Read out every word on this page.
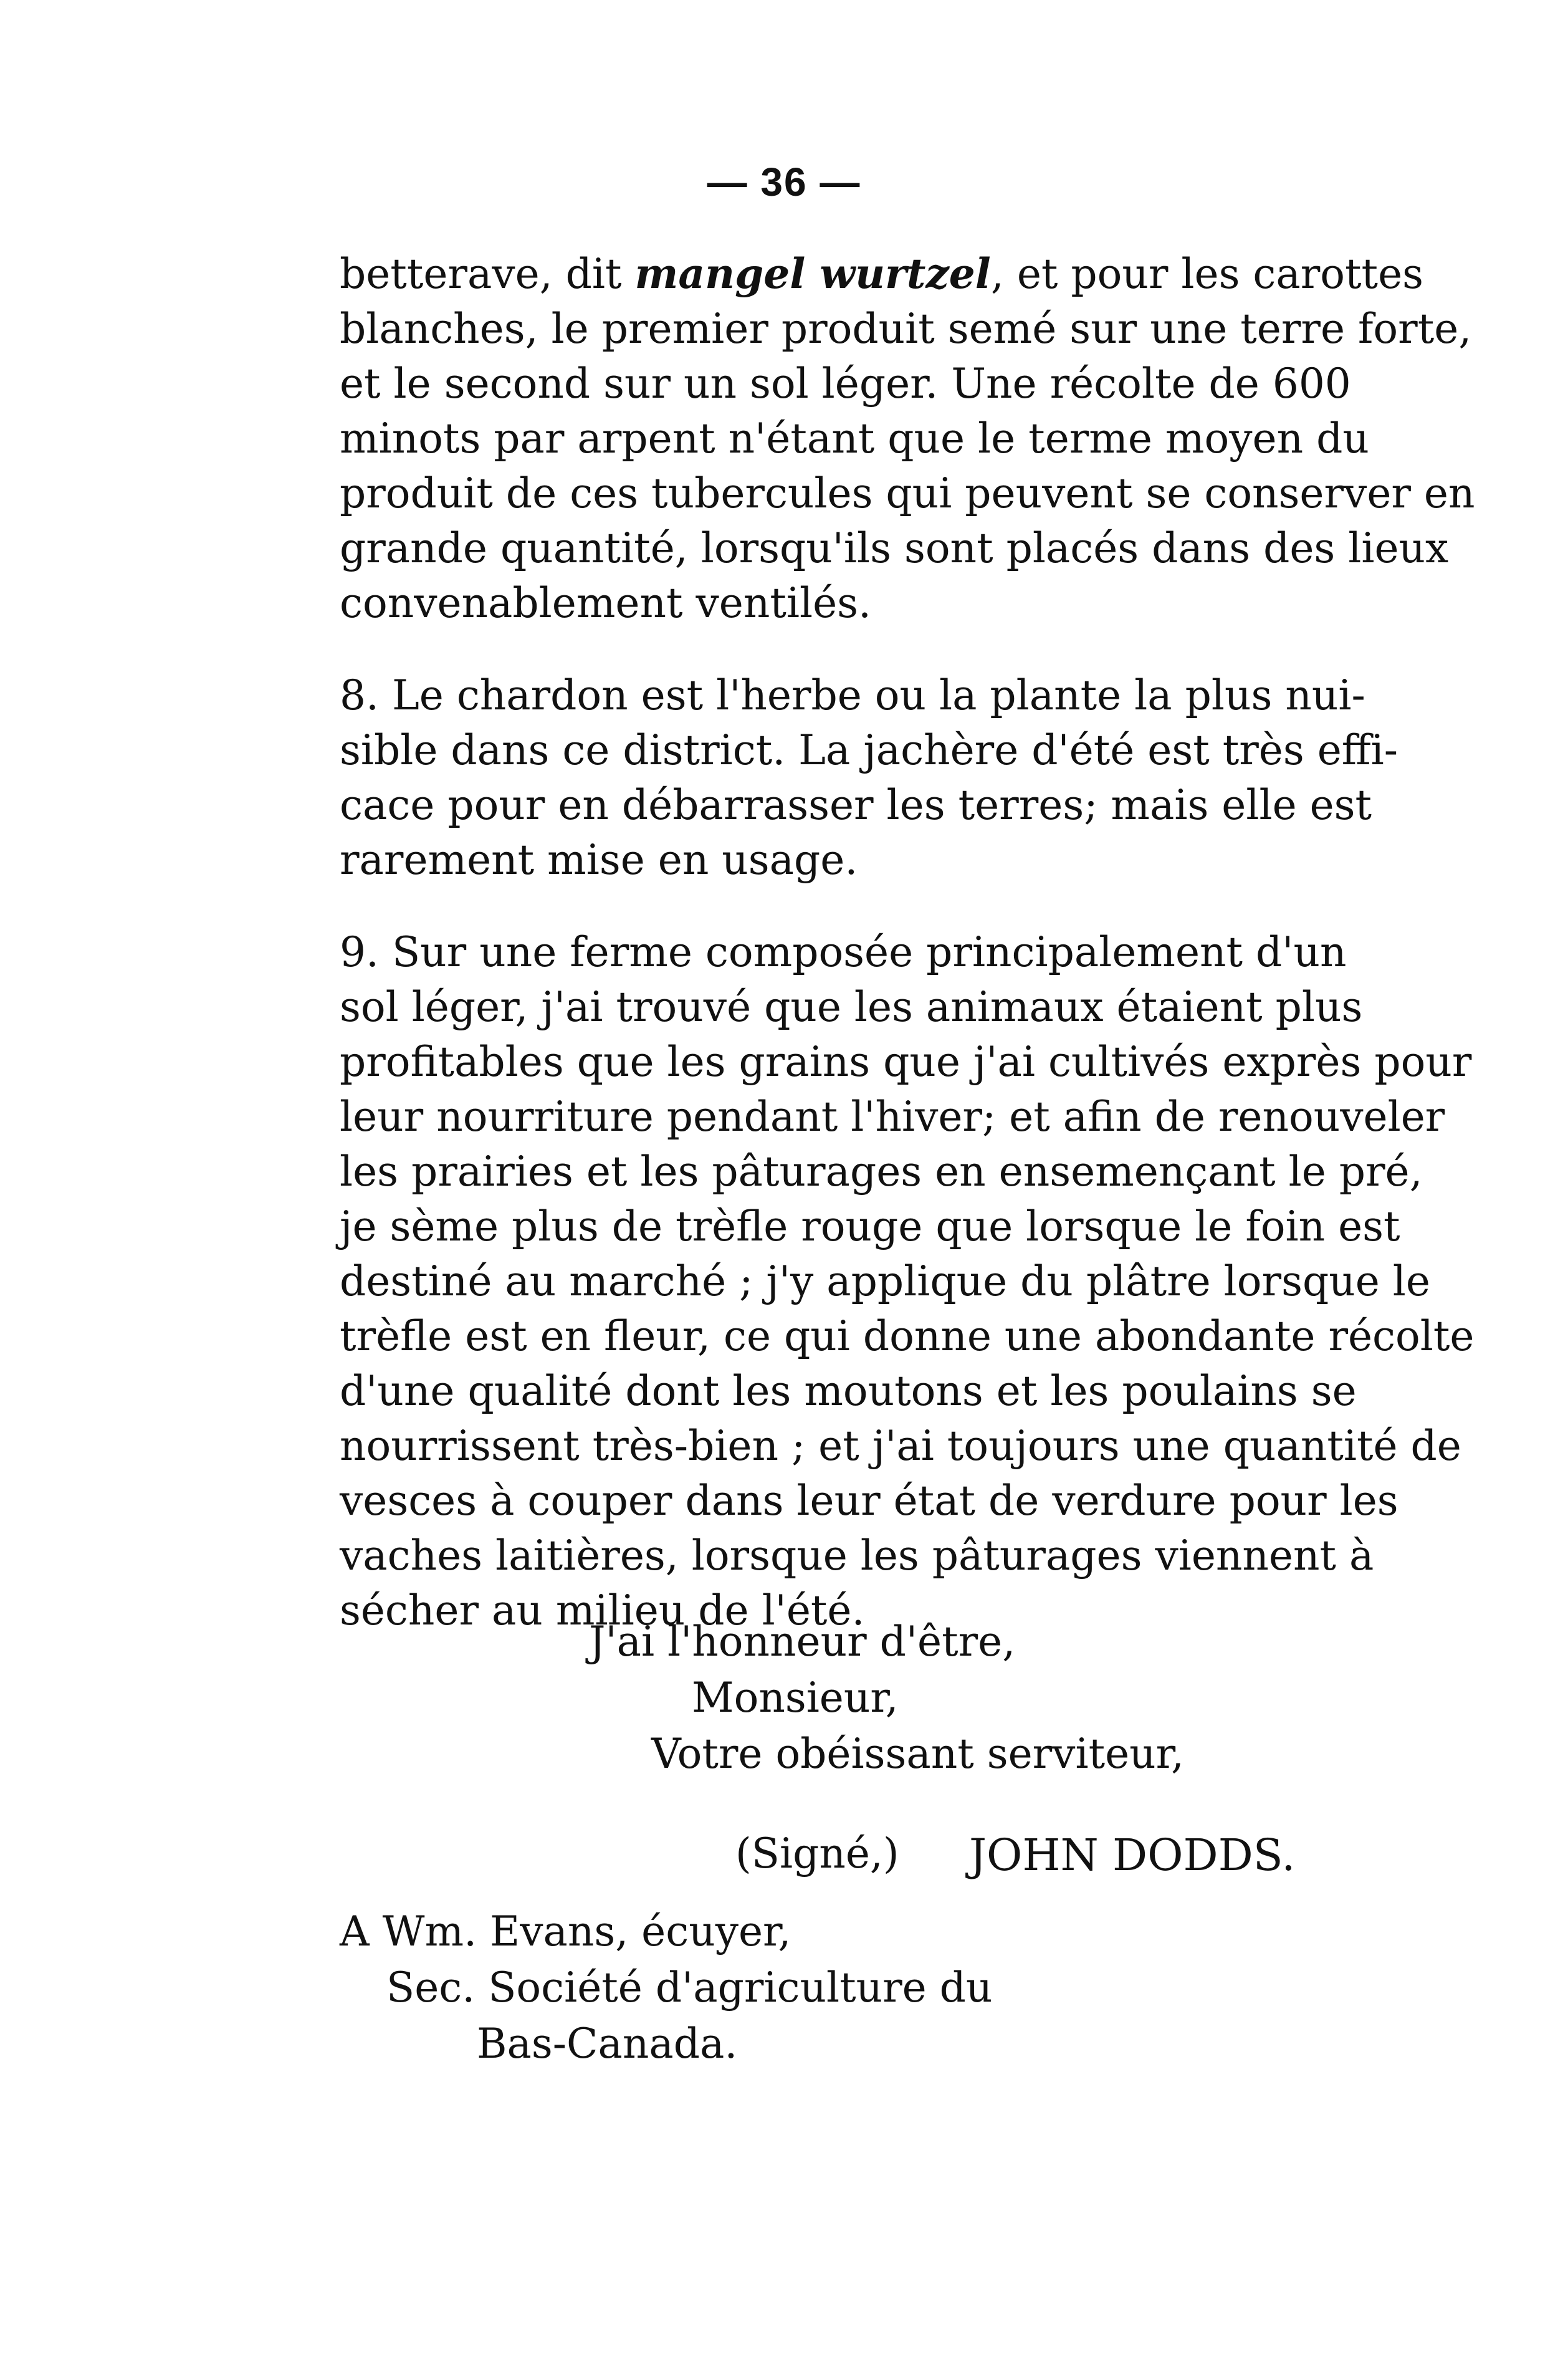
— 36 —
betterave, dit mangel wurtzel, et pour les carottes
blanches, le premier produit semé sur une terre forte,
et le second sur un sol léger. Une récolte de 600
minots par arpent n'étant que le terme moyen du
produit de ces tubercules qui peuvent se conserver en
grande quantité, lorsqu'ils sont placés dans des lieux
convenablement ventilés.
8. Le chardon est l'herbe ou la plante la plus nui-
sible dans ce district. La jachère d'été est très effi-
cace pour en débarrasser les terres; mais elle est
rarement mise en usage.
9. Sur une ferme composée principalement d'un
sol léger, j'ai trouvé que les animaux étaient plus
profitables que les grains que j'ai cultivés exprès pour
leur nourriture pendant l'hiver; et afin de renouveler
les prairies et les pâturages en ensemençant le pré,
je sème plus de trèfle rouge que lorsque le foin est
destiné au marché ; j'y applique du plâtre lorsque le
trèfle est en fleur, ce qui donne une abondante récolte
d'une qualité dont les moutons et les poulains se
nourrissent très-bien ; et j'ai toujours une quantité de
vesces à couper dans leur état de verdure pour les
vaches laitières, lorsque les pâturages viennent à
sécher au milieu de l'été.
J'ai l'honneur d'être,
Monsieur,
Votre obéissant serviteur,
(Signé,) JOHN DODDS.
A Wm. Evans, écuyer,
Sec. Société d'agriculture du
Bas-Canada.
